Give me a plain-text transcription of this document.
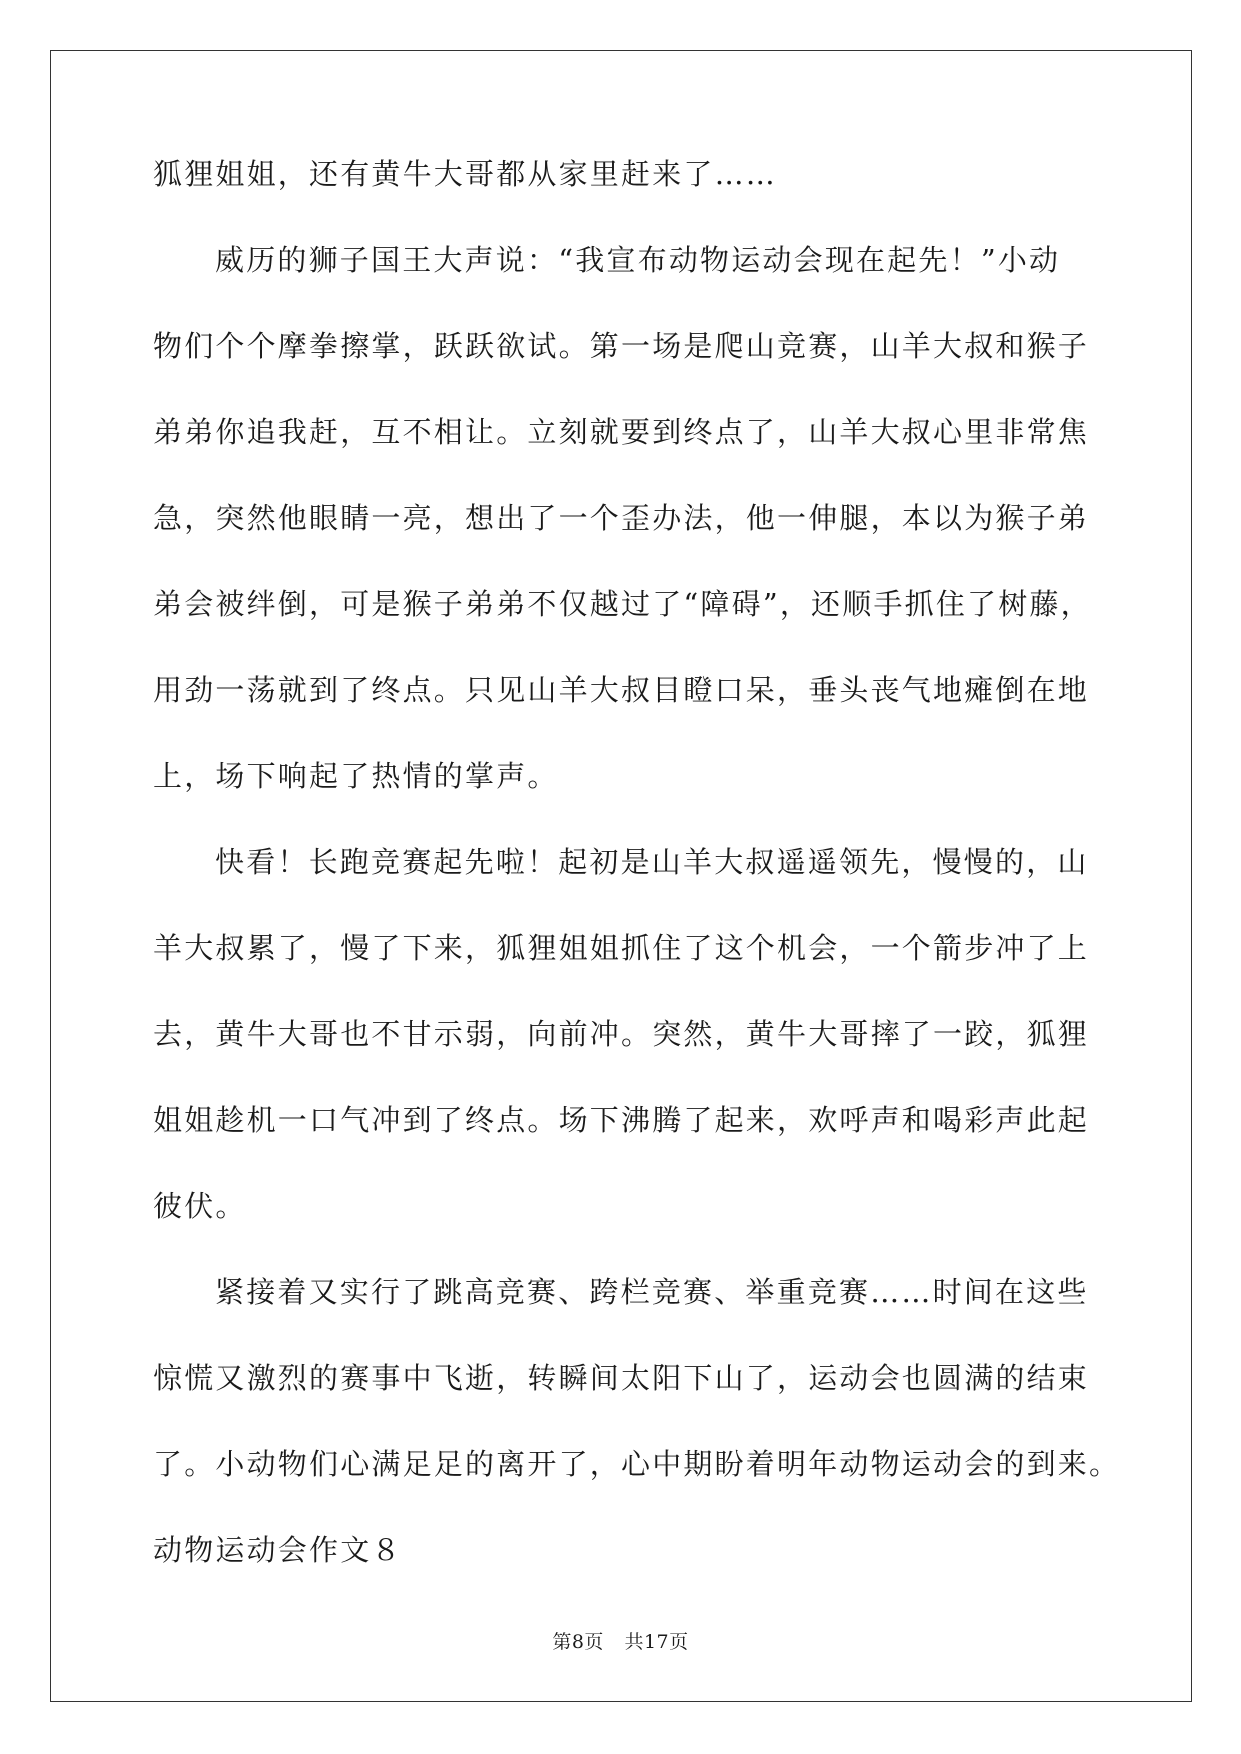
狐狸姐姐，还有黄牛大哥都从家里赶来了……
威历的狮子国王大声说：“我宣布动物运动会现在起先！”小动
物们个个摩拳擦掌，跃跃欲试。第一场是爬山竞赛，山羊大叔和猴子
弟弟你追我赶，互不相让。立刻就要到终点了，山羊大叔心里非常焦
急，突然他眼睛一亮，想出了一个歪办法，他一伸腿，本以为猴子弟
弟会被绊倒，可是猴子弟弟不仅越过了“障碍”，还顺手抓住了树藤，
用劲一荡就到了终点。只见山羊大叔目瞪口呆，垂头丧气地瘫倒在地
上，场下响起了热情的掌声。
快看！长跑竞赛起先啦！起初是山羊大叔遥遥领先，慢慢的，山
羊大叔累了，慢了下来，狐狸姐姐抓住了这个机会，一个箭步冲了上
去，黄牛大哥也不甘示弱，向前冲。突然，黄牛大哥摔了一跤，狐狸
姐姐趁机一口气冲到了终点。场下沸腾了起来，欢呼声和喝彩声此起
彼伏。
紧接着又实行了跳高竞赛、跨栏竞赛、举重竞赛……时间在这些
惊慌又激烈的赛事中飞逝，转瞬间太阳下山了，运动会也圆满的结束
了。小动物们心满足足的离开了，心中期盼着明年动物运动会的到来。
动物运动会作文８
第8页 共17页
